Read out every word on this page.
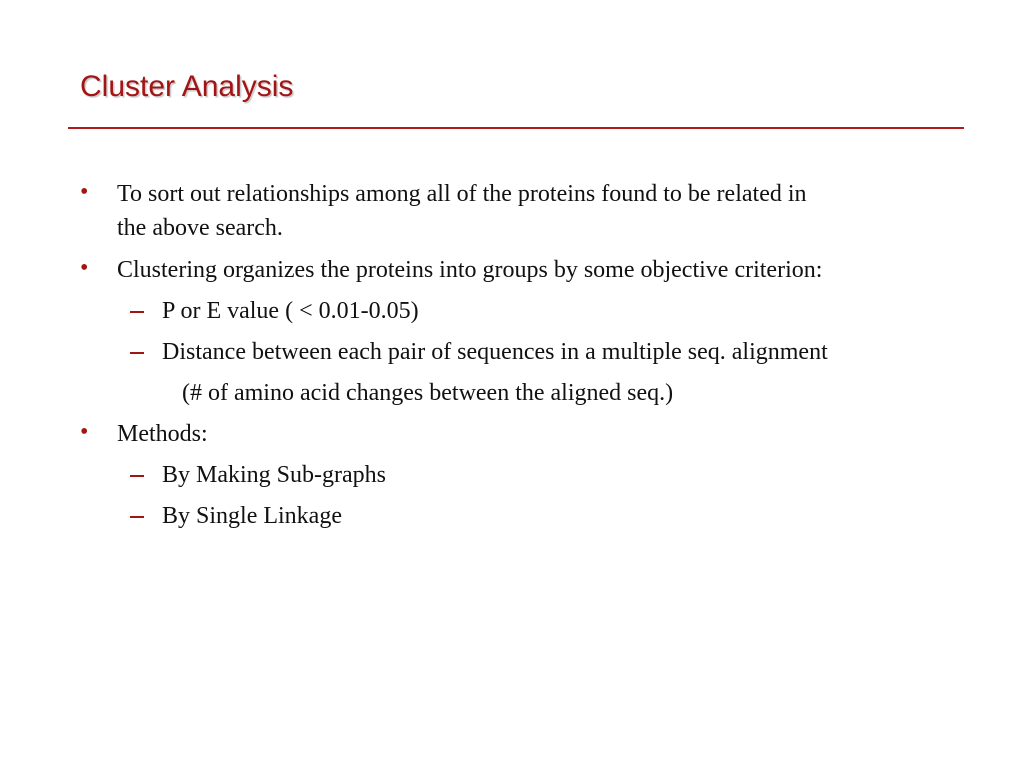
Cluster Analysis
• To sort out relationships among all of the proteins found to be related in
the above search.
• Clustering organizes the proteins into groups by some objective criterion:
P or E value ( < 0.01-0.05)
Distance between each pair of sequences in a multiple seq. alignment
(# of amino acid changes between the aligned seq.)
• Methods:
By Making Sub-graphs
By Single Linkage
